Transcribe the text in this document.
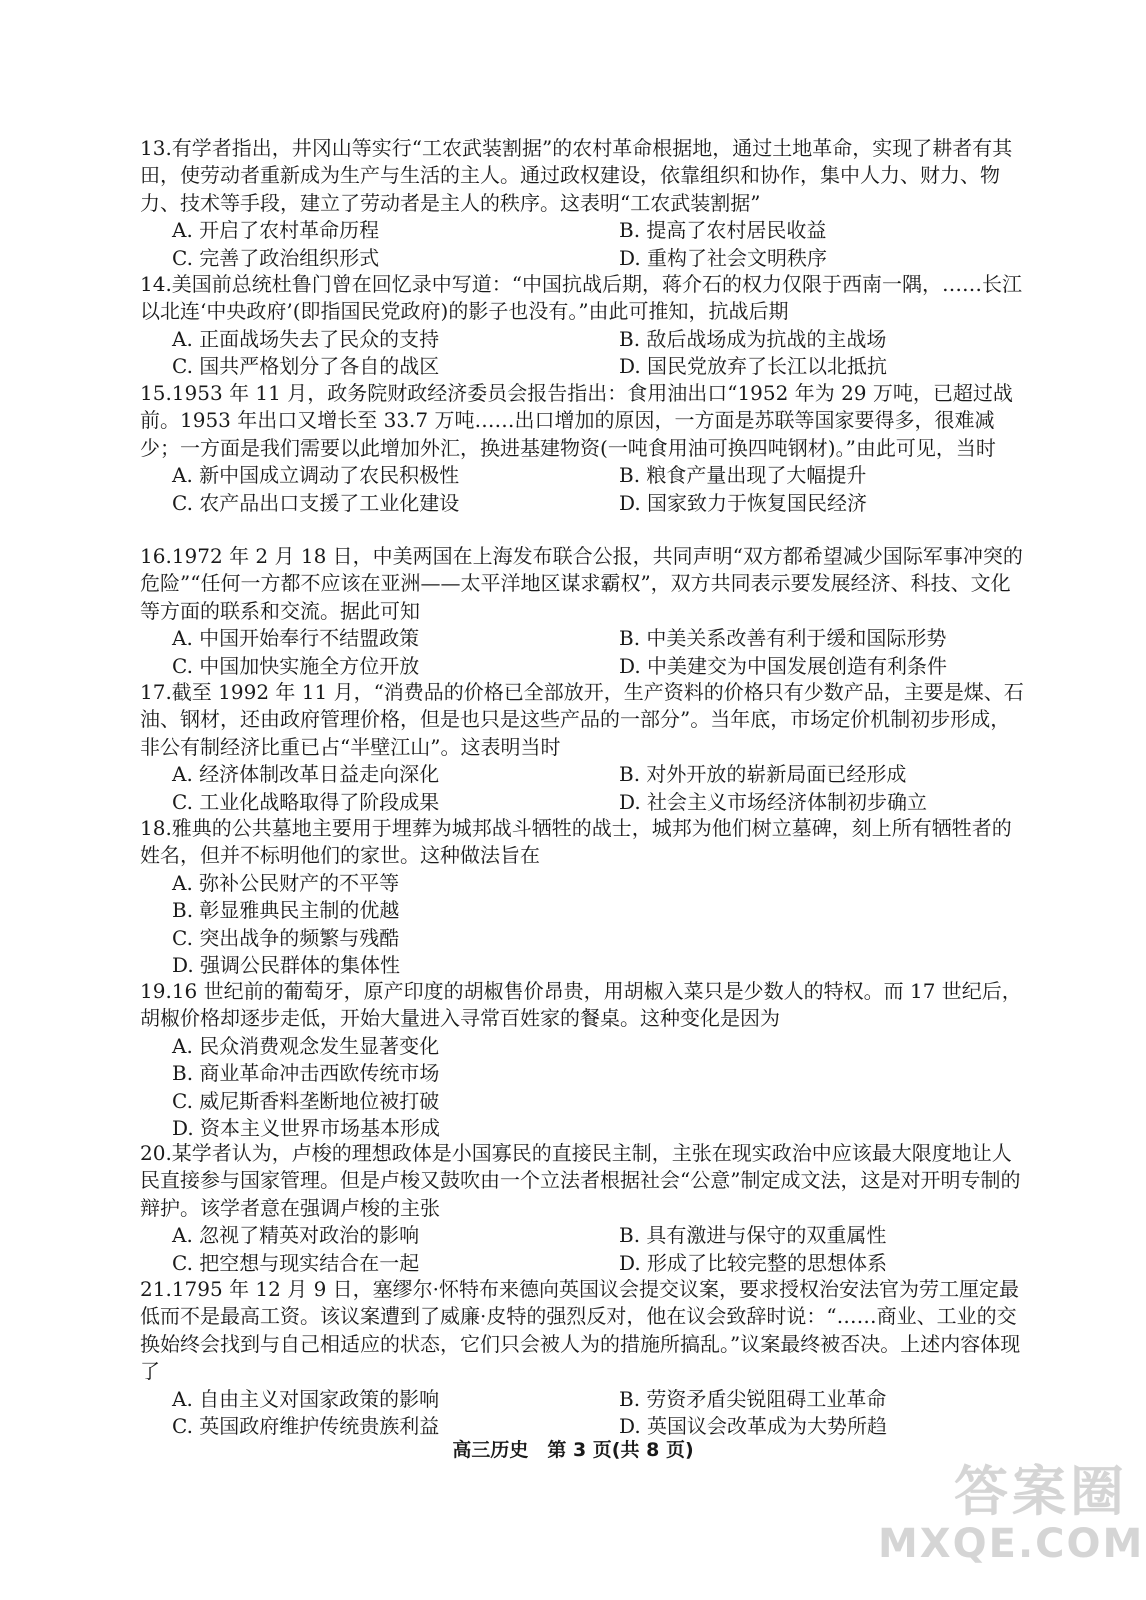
13.有学者指出，井冈山等实行“工农武装割据”的农村革命根据地，通过土地革命，实现了耕者有其田，使劳动者重新成为生产与生活的主人。通过政权建设，依靠组织和协作，集中人力、财力、物力、技术等手段，建立了劳动者是主人的秩序。这表明“工农武装割据”

A. 开启了农村革命历程	B. 提高了农村居民收益
C. 完善了政治组织形式	D. 重构了社会文明秩序

14.美国前总统杜鲁门曾在回忆录中写道：“中国抗战后期，蒋介石的权力仅限于西南一隅，……长江以北连‘中央政府’(即指国民党政府)的影子也没有。”由此可推知，抗战后期

A. 正面战场失去了民众的支持	B. 敌后战场成为抗战的主战场
C. 国共严格划分了各自的战区	D. 国民党放弃了长江以北抵抗

15.1953 年 11 月，政务院财政经济委员会报告指出：食用油出口“1952 年为 29 万吨，已超过战前。1953 年出口又增长至 33.7 万吨……出口增加的原因，一方面是苏联等国家要得多，很难减少；一方面是我们需要以此增加外汇，换进基建物资(一吨食用油可换四吨钢材)。”由此可见，当时

A. 新中国成立调动了农民积极性	B. 粮食产量出现了大幅提升
C. 农产品出口支援了工业化建设	D. 国家致力于恢复国民经济

16.1972 年 2 月 18 日，中美两国在上海发布联合公报，共同声明“双方都希望减少国际军事冲突的危险”“任何一方都不应该在亚洲——太平洋地区谋求霸权”，双方共同表示要发展经济、科技、文化等方面的联系和交流。据此可知

A. 中国开始奉行不结盟政策	B. 中美关系改善有利于缓和国际形势
C. 中国加快实施全方位开放	D. 中美建交为中国发展创造有利条件

17.截至 1992 年 11 月，“消费品的价格已全部放开，生产资料的价格只有少数产品，主要是煤、石油、钢材，还由政府管理价格，但是也只是这些产品的一部分”。当年底，市场定价机制初步形成，非公有制经济比重已占“半壁江山”。这表明当时

A. 经济体制改革日益走向深化	B. 对外开放的崭新局面已经形成
C. 工业化战略取得了阶段成果	D. 社会主义市场经济体制初步确立

18.雅典的公共墓地主要用于埋葬为城邦战斗牺牲的战士，城邦为他们树立墓碑，刻上所有牺牲者的姓名，但并不标明他们的家世。这种做法旨在

A. 弥补公民财产的不平等
B. 彰显雅典民主制的优越
C. 突出战争的频繁与残酷
D. 强调公民群体的集体性

19.16 世纪前的葡萄牙，原产印度的胡椒售价昂贵，用胡椒入菜只是少数人的特权。而 17 世纪后，胡椒价格却逐步走低，开始大量进入寻常百姓家的餐桌。这种变化是因为

A. 民众消费观念发生显著变化
B. 商业革命冲击西欧传统市场
C. 威尼斯香料垄断地位被打破
D. 资本主义世界市场基本形成

20.某学者认为，卢梭的理想政体是小国寡民的直接民主制，主张在现实政治中应该最大限度地让人民直接参与国家管理。但是卢梭又鼓吹由一个立法者根据社会“公意”制定成文法，这是对开明专制的辩护。该学者意在强调卢梭的主张

A. 忽视了精英对政治的影响	B. 具有激进与保守的双重属性
C. 把空想与现实结合在一起	D. 形成了比较完整的思想体系

21.1795 年 12 月 9 日，塞缪尔·怀特布来德向英国议会提交议案，要求授权治安法官为劳工厘定最低而不是最高工资。该议案遭到了威廉·皮特的强烈反对，他在议会致辞时说：“……商业、工业的交换始终会找到与自己相适应的状态，它们只会被人为的措施所搞乱。”议案最终被否决。上述内容体现了

A. 自由主义对国家政策的影响	B. 劳资矛盾尖锐阻碍工业革命
C. 英国政府维护传统贵族利益	D. 英国议会改革成为大势所趋
高三历史　第 3 页(共 8 页)
答案圈
MXQE.COM
